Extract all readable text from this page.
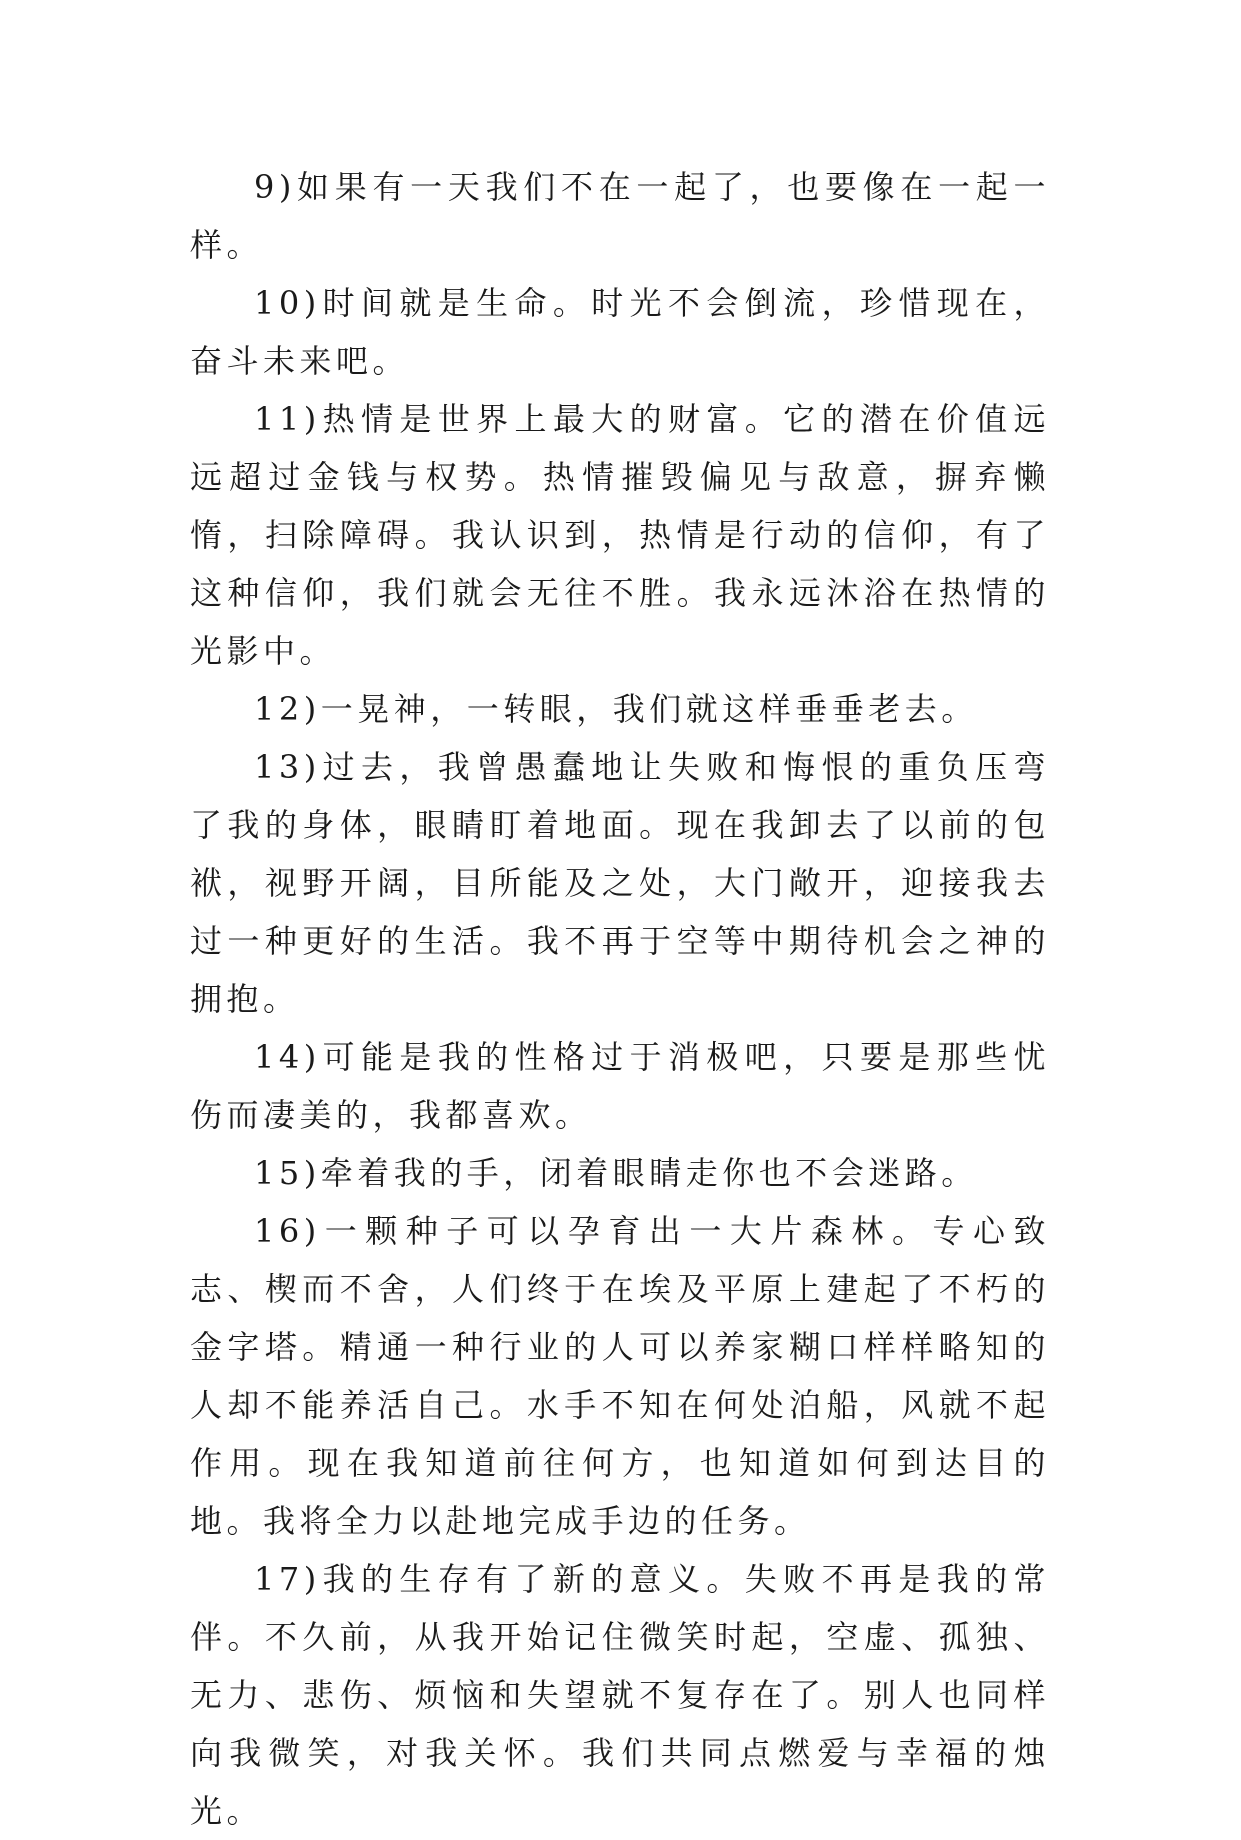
9)如果有一天我们不在一起了，也要像在一起一样。

10)时间就是生命。时光不会倒流，珍惜现在，奋斗未来吧。

11)热情是世界上最大的财富。它的潜在价值远远超过金钱与权势。热情摧毁偏见与敌意，摒弃懒惰，扫除障碍。我认识到，热情是行动的信仰，有了这种信仰，我们就会无往不胜。我永远沐浴在热情的光影中。

12)一晃神，一转眼，我们就这样垂垂老去。

13)过去，我曾愚蠢地让失败和悔恨的重负压弯了我的身体，眼睛盯着地面。现在我卸去了以前的包袱，视野开阔，目所能及之处，大门敞开，迎接我去过一种更好的生活。我不再于空等中期待机会之神的拥抱。

14)可能是我的性格过于消极吧，只要是那些忧伤而凄美的，我都喜欢。

15)牵着我的手，闭着眼睛走你也不会迷路。

16)一颗种子可以孕育出一大片森林。专心致志、楔而不舍，人们终于在埃及平原上建起了不朽的金字塔。精通一种行业的人可以养家糊口样样略知的人却不能养活自己。水手不知在何处泊船，风就不起作用。现在我知道前往何方，也知道如何到达目的地。我将全力以赴地完成手边的任务。

17)我的生存有了新的意义。失败不再是我的常伴。不久前，从我开始记住微笑时起，空虚、孤独、无力、悲伤、烦恼和失望就不复存在了。别人也同样向我微笑，对我关怀。我们共同点燃爱与幸福的烛光。
